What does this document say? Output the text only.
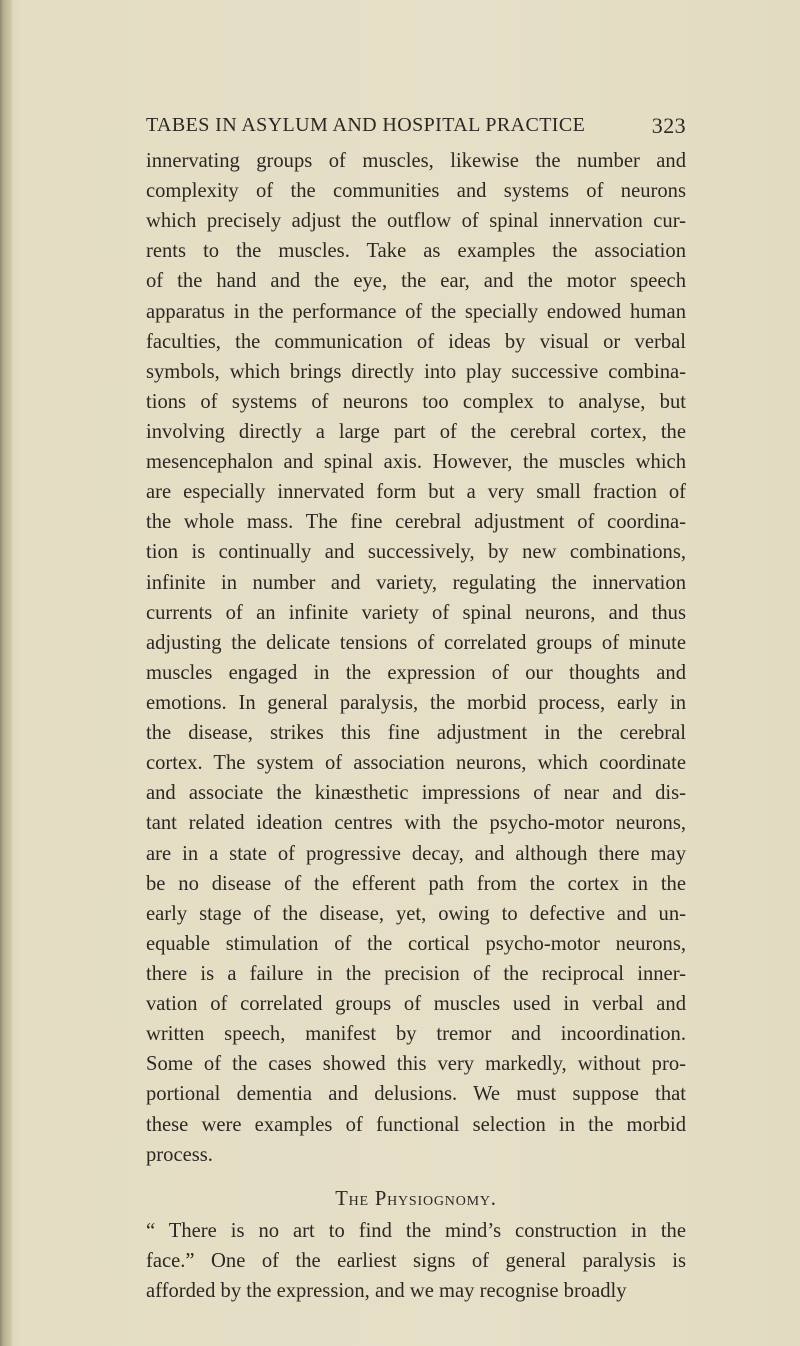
TABES IN ASYLUM AND HOSPITAL PRACTICE	323
innervating groups of muscles, likewise the number and
complexity of the communities and systems of neurons
which precisely adjust the outflow of spinal innervation cur-
rents to the muscles. Take as examples the association
of the hand and the eye, the ear, and the motor speech
apparatus in the performance of the specially endowed human
faculties, the communication of ideas by visual or verbal
symbols, which brings directly into play successive combina-
tions of systems of neurons too complex to analyse, but
involving directly a large part of the cerebral cortex, the
mesencephalon and spinal axis. However, the muscles which
are especially innervated form but a very small fraction of
the whole mass. The fine cerebral adjustment of coordina-
tion is continually and successively, by new combinations,
infinite in number and variety, regulating the innervation
currents of an infinite variety of spinal neurons, and thus
adjusting the delicate tensions of correlated groups of minute
muscles engaged in the expression of our thoughts and
emotions. In general paralysis, the morbid process, early in
the disease, strikes this fine adjustment in the cerebral
cortex. The system of association neurons, which coordinate
and associate the kinæsthetic impressions of near and dis-
tant related ideation centres with the psycho-motor neurons,
are in a state of progressive decay, and although there may
be no disease of the efferent path from the cortex in the
early stage of the disease, yet, owing to defective and un-
equable stimulation of the cortical psycho-motor neurons,
there is a failure in the precision of the reciprocal inner-
vation of correlated groups of muscles used in verbal and
written speech, manifest by tremor and incoordination.
Some of the cases showed this very markedly, without pro-
portional dementia and delusions. We must suppose that
these were examples of functional selection in the morbid
process.
The Physiognomy.
“ There is no art to find the mind’s construction in the
face.” One of the earliest signs of general paralysis is
afforded by the expression, and we may recognise broadly
